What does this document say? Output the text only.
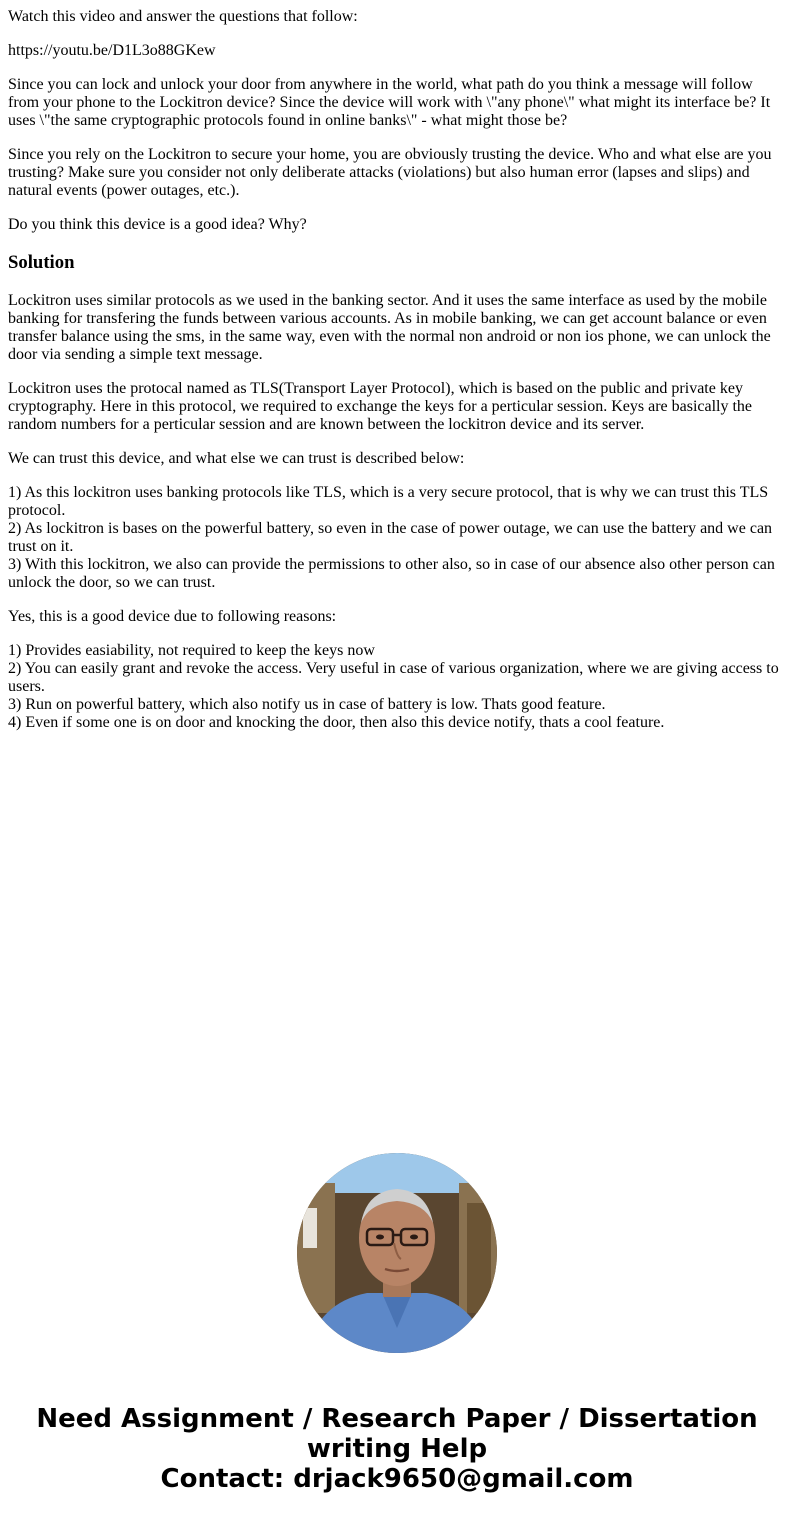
Watch this video and answer the questions that follow:

https://youtu.be/D1L3o88GKew

Since you can lock and unlock your door from anywhere in the world, what path do you think a message will follow from your phone to the Lockitron device? Since the device will work with \"any phone\" what might its interface be? It uses \"the same cryptographic protocols found in online banks\" - what might those be?

Since you rely on the Lockitron to secure your home, you are obviously trusting the device. Who and what else are you trusting? Make sure you consider not only deliberate attacks (violations) but also human error (lapses and slips) and natural events (power outages, etc.).

Do you think this device is a good idea? Why?

Solution

Lockitron uses similar protocols as we used in the banking sector. And it uses the same interface as used by the mobile banking for transfering the funds between various accounts. As in mobile banking, we can get account balance or even transfer balance using the sms, in the same way, even with the normal non android or non ios phone, we can unlock the door via sending a simple text message.

Lockitron uses the protocal named as TLS(Transport Layer Protocol), which is based on the public and private key cryptography. Here in this protocol, we required to exchange the keys for a perticular session. Keys are basically the random numbers for a perticular session and are known between the lockitron device and its server.

We can trust this device, and what else we can trust is described below:

1) As this lockitron uses banking protocols like TLS, which is a very secure protocol, that is why we can trust this TLS protocol.
2) As lockitron is bases on the powerful battery, so even in the case of power outage, we can use the battery and we can trust on it.
3) With this lockitron, we also can provide the permissions to other also, so in case of our absence also other person can unlock the door, so we can trust.

Yes, this is a good device due to following reasons:

1) Provides easiability, not required to keep the keys now
2) You can easily grant and revoke the access. Very useful in case of various organization, where we are giving access to users.
3) Run on powerful battery, which also notify us in case of battery is low. Thats good feature.
4) Even if some one is on door and knocking the door, then also this device notify, thats a cool feature.

Need Assignment / Research Paper / Dissertation writing Help
Contact: drjack9650@gmail.com
